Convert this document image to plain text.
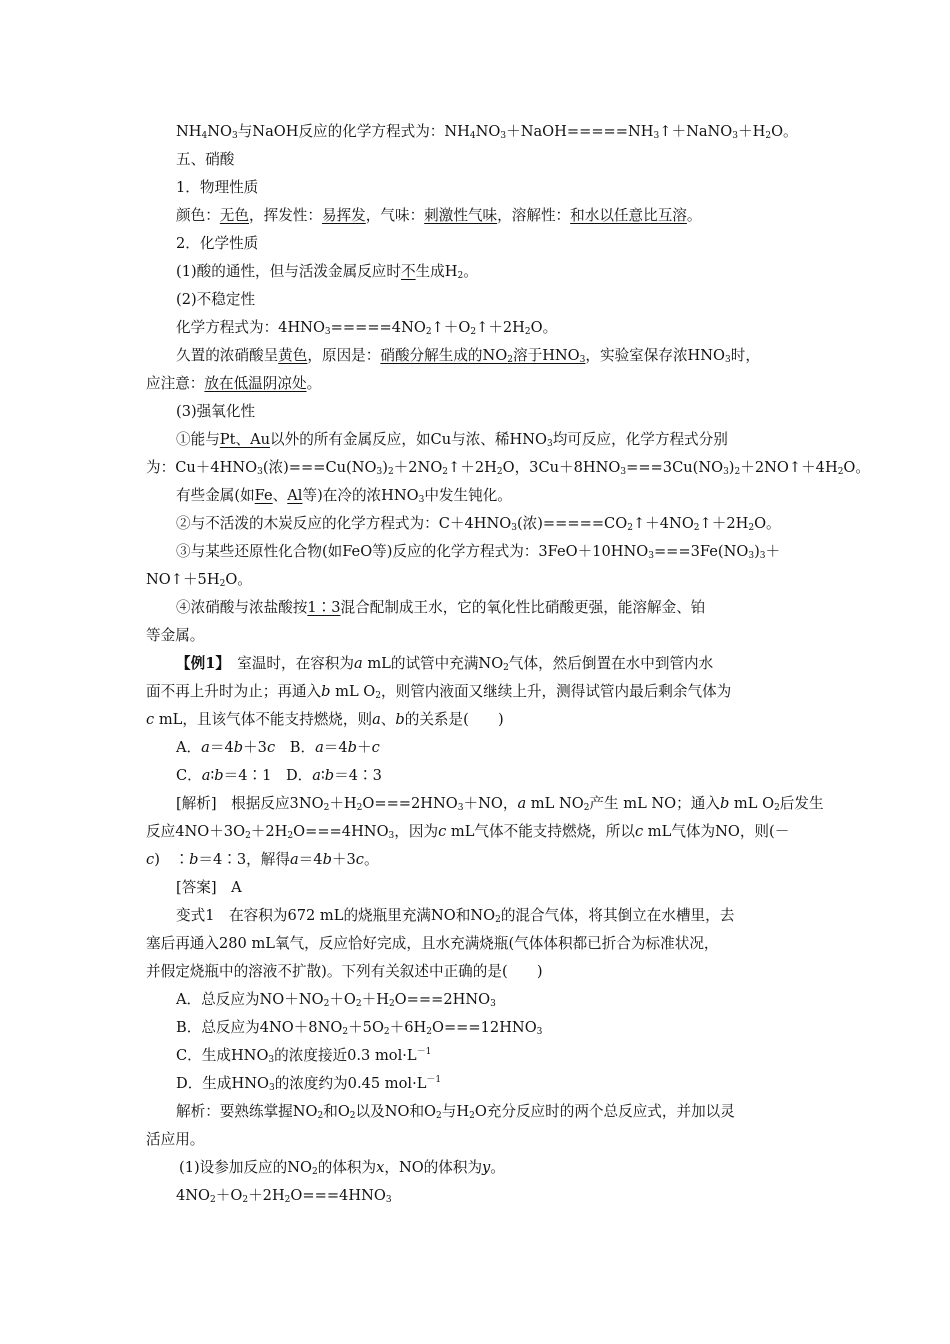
$NH_4NO_3$与NaOH反应的化学方程式为：$NH_4NO_3+NaOH=====NH_3↑+NaNO_3+H_2O$。
五、硝酸
1．物理性质
颜色：无色，挥发性：易挥发，气味：刺激性气味，溶解性：和水以任意比互溶。
2．化学性质
(1)酸的通性，但与活泼金属反应时不生成$H_2$。
(2)不稳定性
化学方程式为：$4HNO_3=====4NO_2↑+O_2↑+2H_2O$。
久置的浓硝酸呈黄色，原因是：硝酸分解生成的$NO_2$溶于$HNO_3$，实验室保存浓$HNO_3$时，
应注意：放在低温阴凉处。
(3)强氧化性
①能与Pt、Au以外的所有金属反应，如Cu与浓、稀$HNO_3$均可反应，化学方程式分别
为：$Cu+4HNO_3$(浓)$===Cu(NO_3)_2+2NO_2↑+2H_2O$，$3Cu+8HNO_3===3Cu(NO_3)_2+2NO↑+4H_2O$。
有些金属(如Fe、Al等)在冷的浓$HNO_3$中发生钝化。
②与不活泼的木炭反应的化学方程式为：$C+4HNO_3$(浓)$=====CO_2↑+4NO_2↑+2H_2O$。
③与某些还原性化合物(如FeO等)反应的化学方程式为：$3FeO+10HNO_3===3Fe(NO_3)_3+$
$NO↑+5H_2O$。
④浓硝酸与浓盐酸按1∶3混合配制成王水，它的氧化性比硝酸更强，能溶解金、铂
等金属。
【例1】　室温时，在容积为a mL的试管中充满$NO_2$气体，然后倒置在水中到管内水
面不再上升时为止；再通入b mL $O_2$，则管内液面又继续上升，测得试管内最后剩余气体为
c mL，且该气体不能支持燃烧，则a、b的关系是(　　)
A．a＝4b＋3c　B．a＝4b＋c
C．a∶b＝4∶1　D．a∶b＝4∶3
[解析]　根据反应$3NO_2+H_2O===2HNO_3+NO$，a mL $NO_2$产生 mL NO；通入b mL $O_2$后发生
反应$4NO+3O_2+2H_2O===4HNO_3$，因为c mL气体不能支持燃烧，所以c mL气体为NO，则(－
c)　∶b＝4∶3，解得a＝4b＋3c。
[答案]　A
变式1　在容积为672 mL的烧瓶里充满NO和$NO_2$的混合气体，将其倒立在水槽里，去
塞后再通入280 mL氧气，反应恰好完成，且水充满烧瓶(气体体积都已折合为标准状况，
并假定烧瓶中的溶液不扩散)。下列有关叙述中正确的是(　　)
A．总反应为$NO+NO_2+O_2+H_2O===2HNO_3$
B．总反应为$4NO+8NO_2+5O_2+6H_2O===12HNO_3$
C．生成$HNO_3$的浓度接近0.3 $mol\cdot L^{-1}$
D．生成$HNO_3$的浓度约为0.45 $mol\cdot L^{-1}$
解析：要熟练掌握$NO_2$和$O_2$以及NO和$O_2$与$H_2O$充分反应时的两个总反应式，并加以灵
活应用。
(1)设参加反应的$NO_2$的体积为x，NO的体积为y。
$4NO_2+O_2+2H_2O===4HNO_3$
